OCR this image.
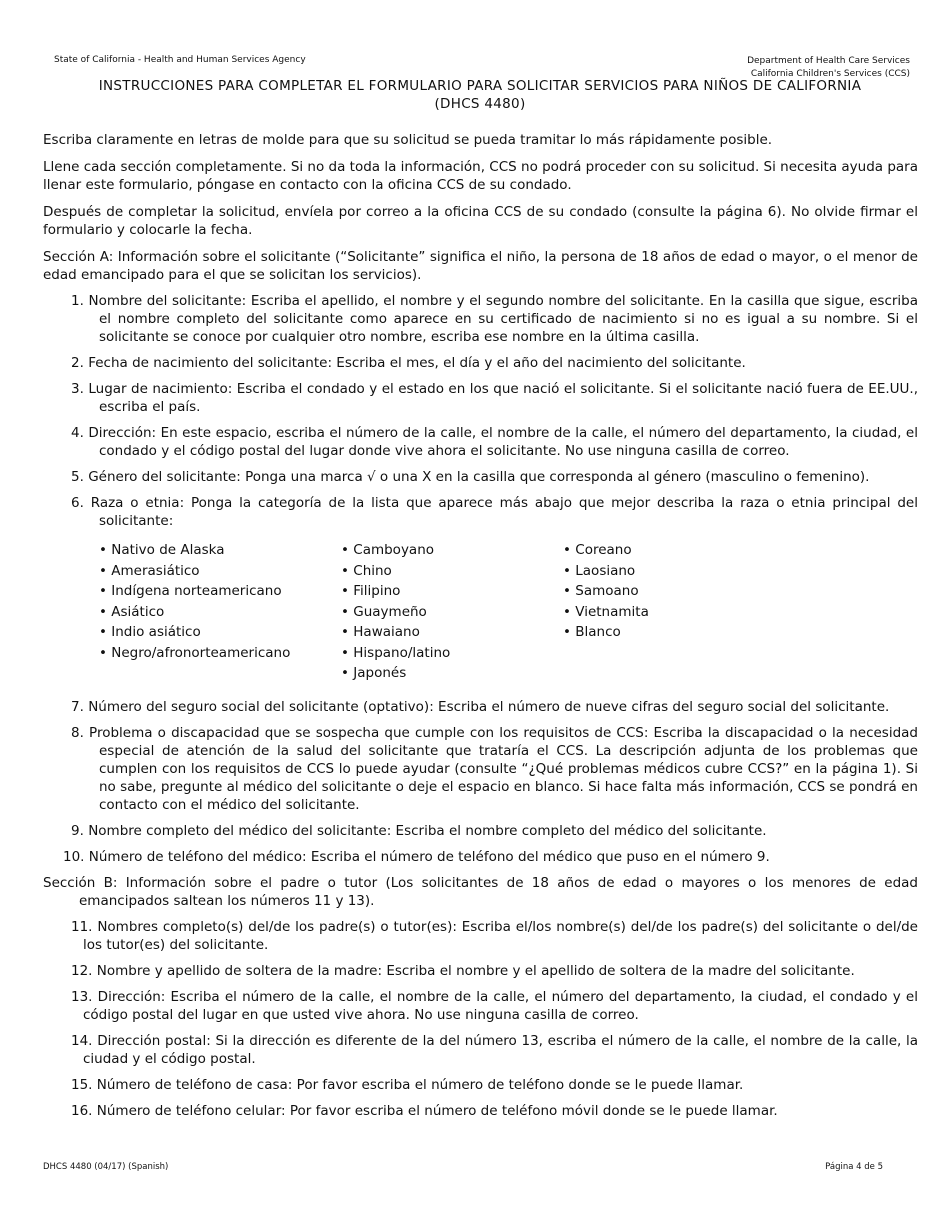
State of California - Health and Human Services Agency	Department of Health Care Services
California Children's Services (CCS)
INSTRUCCIONES PARA COMPLETAR EL FORMULARIO PARA SOLICITAR SERVICIOS PARA NIÑOS DE CALIFORNIA
(DHCS 4480)

Escriba claramente en letras de molde para que su solicitud se pueda tramitar lo más rápidamente posible.

Llene cada sección completamente. Si no da toda la información, CCS no podrá proceder con su solicitud. Si necesita ayuda para llenar este formulario, póngase en contacto con la oficina CCS de su condado.

Después de completar la solicitud, envíela por correo a la oficina CCS de su condado (consulte la página 6). No olvide firmar el formulario y colocarle la fecha.

Sección A: Información sobre el solicitante (“Solicitante” significa el niño, la persona de 18 años de edad o mayor, o el menor de edad emancipado para el que se solicitan los servicios).

1. Nombre del solicitante: Escriba el apellido, el nombre y el segundo nombre del solicitante. En la casilla que sigue, escriba el nombre completo del solicitante como aparece en su certificado de nacimiento si no es igual a su nombre. Si el solicitante se conoce por cualquier otro nombre, escriba ese nombre en la última casilla.

2. Fecha de nacimiento del solicitante: Escriba el mes, el día y el año del nacimiento del solicitante.

3. Lugar de nacimiento: Escriba el condado y el estado en los que nació el solicitante. Si el solicitante nació fuera de EE.UU., escriba el país.

4. Dirección: En este espacio, escriba el número de la calle, el nombre de la calle, el número del departamento, la ciudad, el condado y el código postal del lugar donde vive ahora el solicitante. No use ninguna casilla de correo.

5. Género del solicitante: Ponga una marca √ o una X en la casilla que corresponda al género (masculino o femenino).

6. Raza o etnia: Ponga la categoría de la lista que aparece más abajo que mejor describa la raza o etnia principal del solicitante:

• Nativo de Alaska
• Amerasiático
• Indígena norteamericano
• Asiático
• Indio asiático
• Negro/afronorteamericano
• Camboyano
• Chino
• Filipino
• Guaymeño
• Hawaiano
• Hispano/latino
• Japonés
• Coreano
• Laosiano
• Samoano
• Vietnamita
• Blanco

7. Número del seguro social del solicitante (optativo): Escriba el número de nueve cifras del seguro social del solicitante.

8. Problema o discapacidad que se sospecha que cumple con los requisitos de CCS: Escriba la discapacidad o la necesidad especial de atención de la salud del solicitante que trataría el CCS. La descripción adjunta de los problemas que cumplen con los requisitos de CCS lo puede ayudar (consulte “¿Qué problemas médicos cubre CCS?” en la página 1). Si no sabe, pregunte al médico del solicitante o deje el espacio en blanco. Si hace falta más información, CCS se pondrá en contacto con el médico del solicitante.

9. Nombre completo del médico del solicitante: Escriba el nombre completo del médico del solicitante.

10. Número de teléfono del médico: Escriba el número de teléfono del médico que puso en el número 9.

Sección B: Información sobre el padre o tutor (Los solicitantes de 18 años de edad o mayores o los menores de edad emancipados saltean los números 11 y 13).

11. Nombres completo(s) del/de los padre(s) o tutor(es): Escriba el/los nombre(s) del/de los padre(s) del solicitante o del/de los tutor(es) del solicitante.

12. Nombre y apellido de soltera de la madre: Escriba el nombre y el apellido de soltera de la madre del solicitante.

13. Dirección: Escriba el número de la calle, el nombre de la calle, el número del departamento, la ciudad, el condado y el código postal del lugar en que usted vive ahora. No use ninguna casilla de correo.

14. Dirección postal: Si la dirección es diferente de la del número 13, escriba el número de la calle, el nombre de la calle, la ciudad y el código postal.

15. Número de teléfono de casa: Por favor escriba el número de teléfono donde se le puede llamar.

16. Número de teléfono celular: Por favor escriba el número de teléfono móvil donde se le puede llamar.

DHCS 4480 (04/17) (Spanish)	Página 4 de 5
